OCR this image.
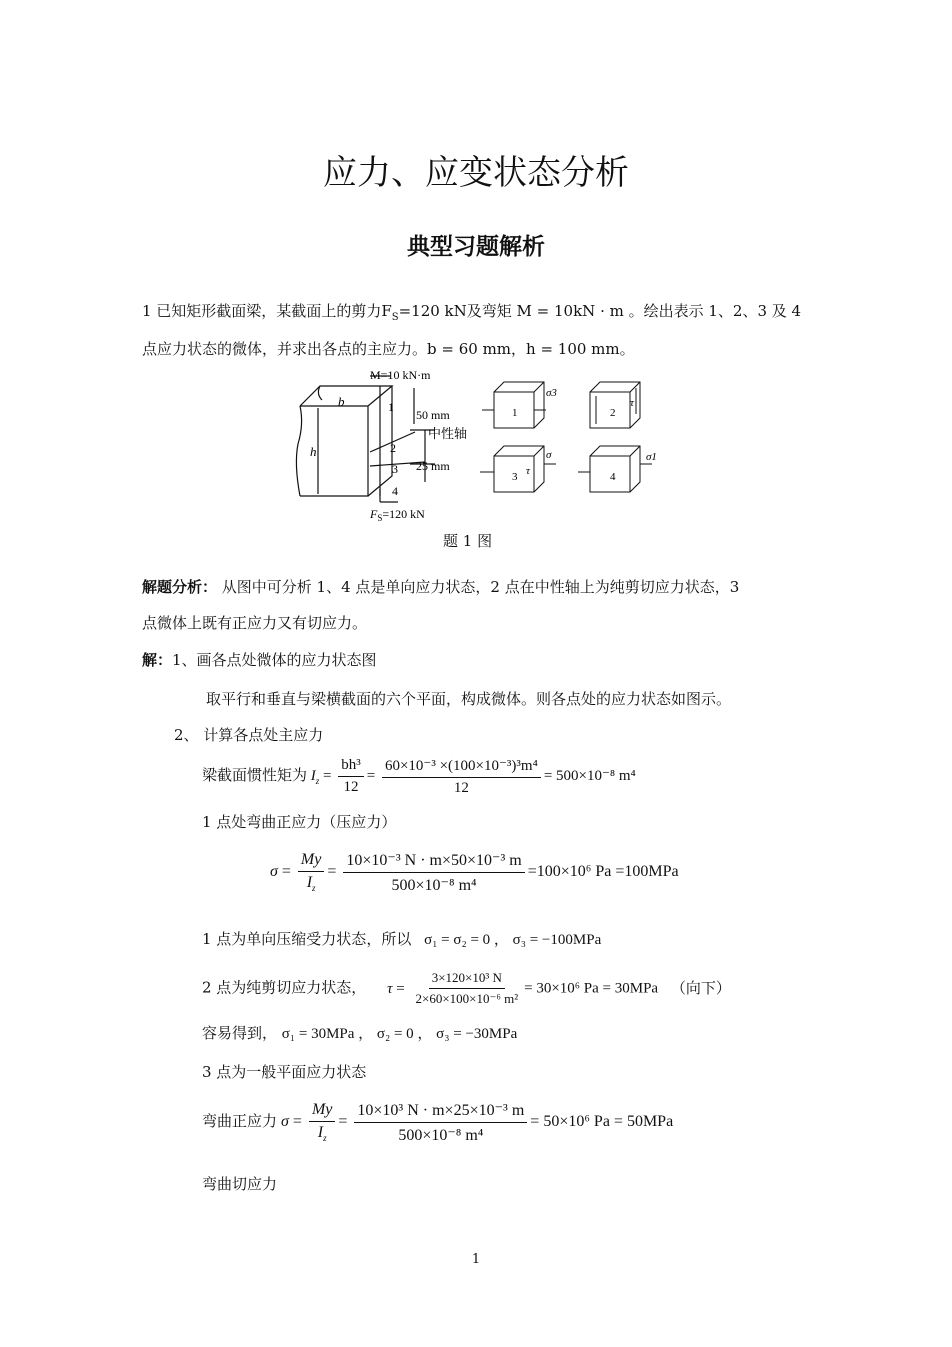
应力、应变状态分析
典型习题解析
1 已知矩形截面梁，某截面上的剪力$F_S=120$ kN及弯矩 M = 10kN · m 。绘出表示 1、2、3 及 4
点应力状态的微体，并求出各点的主应力。b = 60 mm，h = 100 mm。
M=10 kN·m
b
h
1
2
3
4
50 mm
中性轴
25 mm
$F_S=120$ kN
1	2
3	4
σ3
τ
σ
τ
σ1
题 1 图
解题分析： 从图中可分析 1、4 点是单向应力状态，2 点在中性轴上为纯剪切应力状态，3
点微体上既有正应力又有切应力。
解：1、画各点处微体的应力状态图
取平行和垂直与梁横截面的六个平面，构成微体。则各点处的应力状态如图示。
2、 计算各点处主应力
梁截面惯性矩为 $I_z = \frac{\text{bh³}}{12} = \frac{\text{60×10⁻³ ×(100×10⁻³)³m⁴}}{12} = 500\times 10^{-8}$ m⁴
1 点处弯曲正应力（压应力）
$\sigma = \frac{My}{I_z} = \frac{\text{10×10⁻³ N · m×50×10⁻³ m}}{\text{500×10⁻⁸ m⁴}} =100\times 10^6$ Pa =100MPa
1 点为单向压缩受力状态，所以 σ₁ = σ₂ = 0 ， σ₃ = −100MPa
2 点为纯剪切应力状态， $\tau = \frac{\text{3×120×10³ N}}{\text{2×60×100×10⁻⁶ m²}} = 30\times 10^6$ Pa = 30MPa （向下）
容易得到， σ₁ = 30MPa ， σ₂ = 0 ， σ₃ = −30MPa
3 点为一般平面应力状态
弯曲正应力 $\sigma = \frac{My}{I_z} = \frac{\text{10×10³ N · m×25×10⁻³ m}}{\text{500×10⁻⁸ m⁴}} = 50\times 10^6$ Pa = 50MPa
弯曲切应力
1
